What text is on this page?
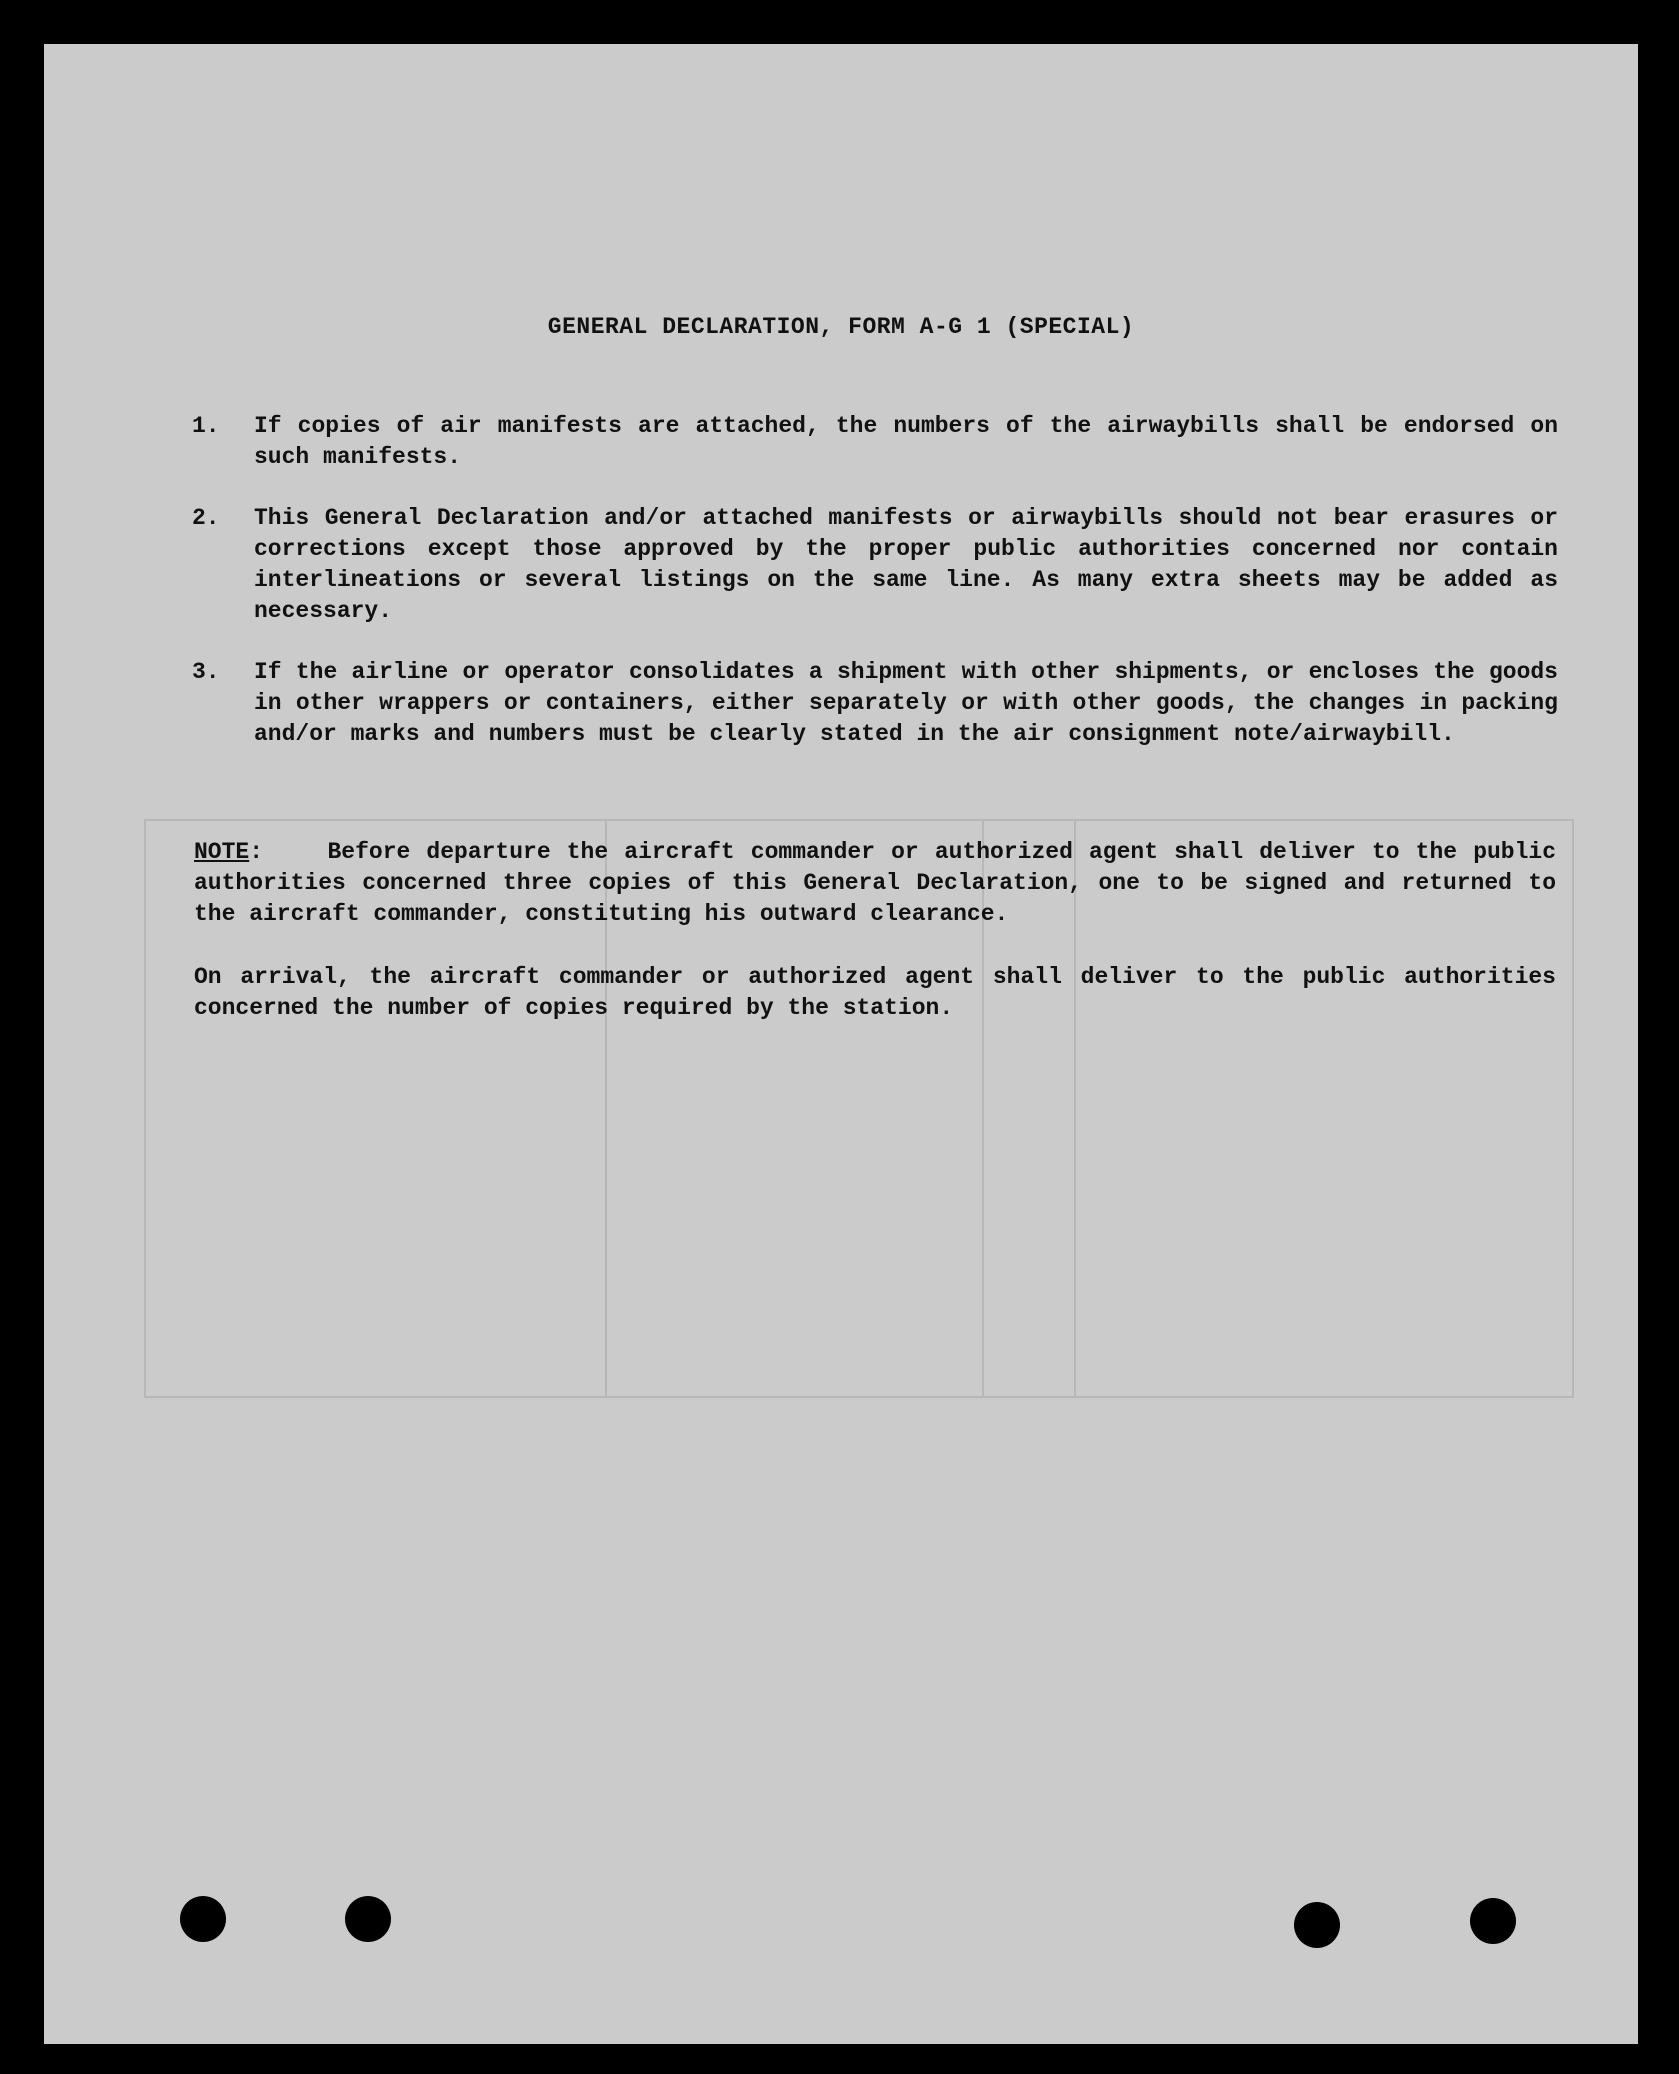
GENERAL DECLARATION, FORM A-G 1 (SPECIAL)
1.	If copies of air manifests are attached, the numbers of the airwaybills shall be endorsed on such manifests.
2.	This General Declaration and/or attached manifests or airwaybills should not bear erasures or corrections except those approved by the proper public authorities concerned nor contain interlineations or several listings on the same line. As many extra sheets may be added as necessary.
3.	If the airline or operator consolidates a shipment with other shipments, or encloses the goods in other wrappers or containers, either separately or with other goods, the changes in packing and/or marks and numbers must be clearly stated in the air consignment note/airwaybill.

NOTE:    Before departure the aircraft commander or authorized agent shall deliver to the public authorities concerned three copies of this General Declaration, one to be signed and returned to the aircraft commander, constituting his outward clearance.

On arrival, the aircraft commander or authorized agent shall deliver to the public authorities concerned the number of copies required by the station.
